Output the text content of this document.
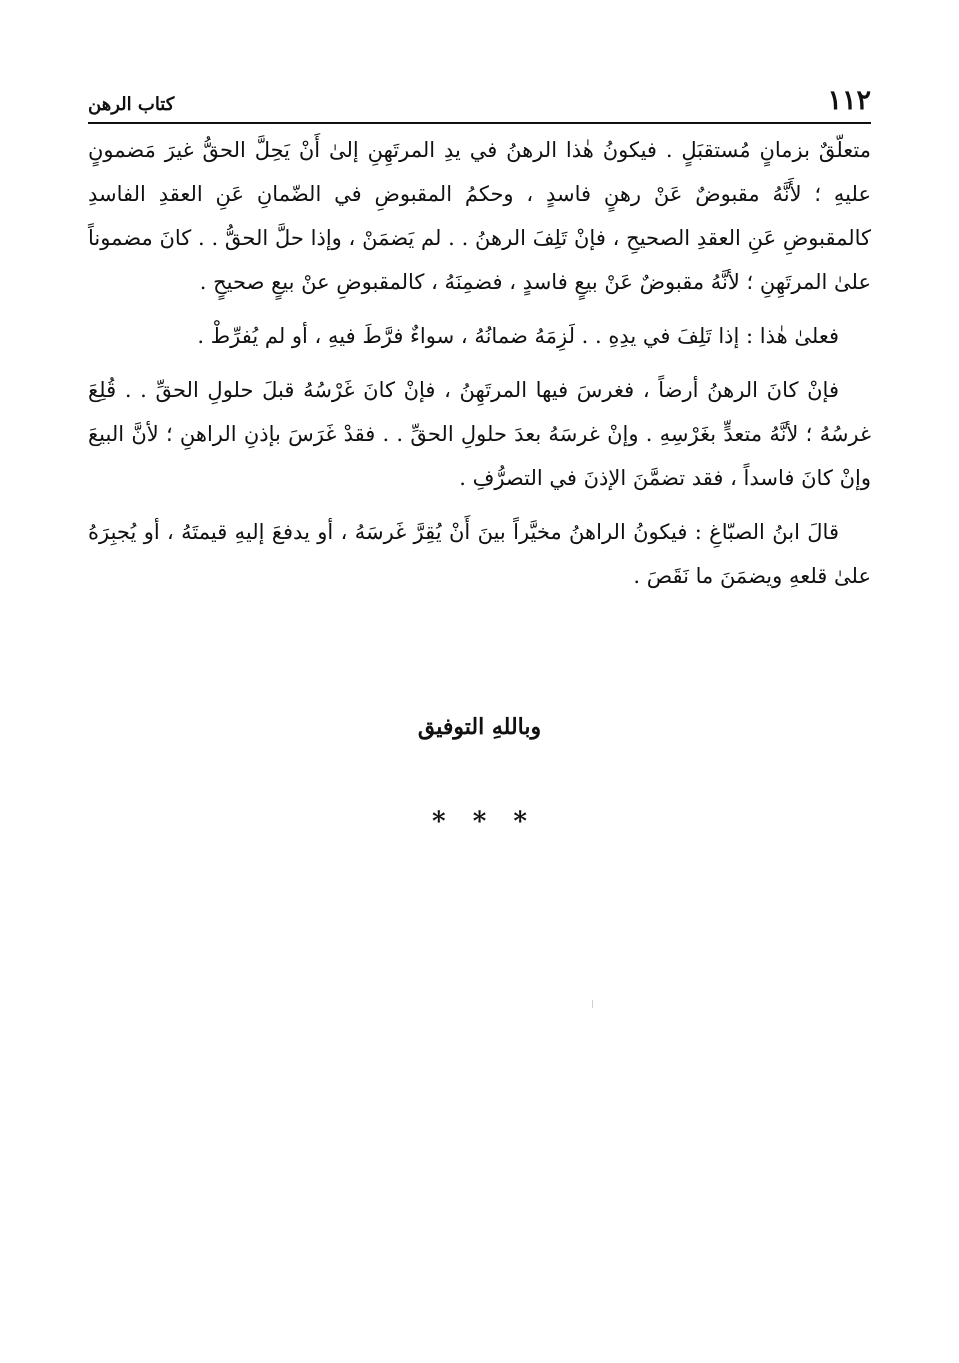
١١٢
كتاب الرهن

متعلّقٌ بزمانٍ مُستقبَلٍ . فيكونُ هٰذا الرهنُ في يدِ المرتَهِنِ إلىٰ أَنْ يَحِلَّ الحقُّ غيرَ مَضمونٍ عليهِ ؛ لأَنَّهُ مقبوضٌ عَنْ رهنٍ فاسدٍ ، وحكمُ المقبوضِ في الضّمانِ عَنِ العقدِ الفاسدِ كالمقبوضِ عَنِ العقدِ الصحيحِ ، فإنْ تَلِفَ الرهنُ . . لم يَضمَنْ ، وإذا حلَّ الحقُّ . . كانَ مضموناً علىٰ المرتَهِنِ ؛ لأنَّهُ مقبوضٌ عَنْ بيعٍ فاسدٍ ، فضمِنَهُ ، كالمقبوضِ عنْ بيعٍ صحيحٍ .

فعلىٰ هٰذا : إذا تَلِفَ في يدِهِ . . لَزِمَهُ ضمانُهُ ، سواءٌ فرَّطَ فيهِ ، أو لم يُفرِّطْ .

فإنْ كانَ الرهنُ أرضاً ، فغرسَ فيها المرتَهِنُ ، فإنْ كانَ غَرْسُهُ قبلَ حلولِ الحقِّ . . قُلِعَ غرسُهُ ؛ لأنَّهُ متعدٍّ بغَرْسِهِ . وإنْ غرسَهُ بعدَ حلولِ الحقِّ . . فقدْ غَرَسَ بإذنِ الراهنِ ؛ لأنَّ البيعَ وإنْ كانَ فاسداً ، فقد تضمَّنَ الإذنَ في التصرُّفِ .

قالَ ابنُ الصبّاغِ : فيكونُ الراهنُ مخيَّراً بينَ أَنْ يُقِرَّ غَرسَهُ ، أو يدفعَ إليهِ قيمتَهُ ، أو يُجبِرَهُ علىٰ قلعهِ ويضمَنَ ما نَقَصَ .

وباللهِ التوفيق
* * *
